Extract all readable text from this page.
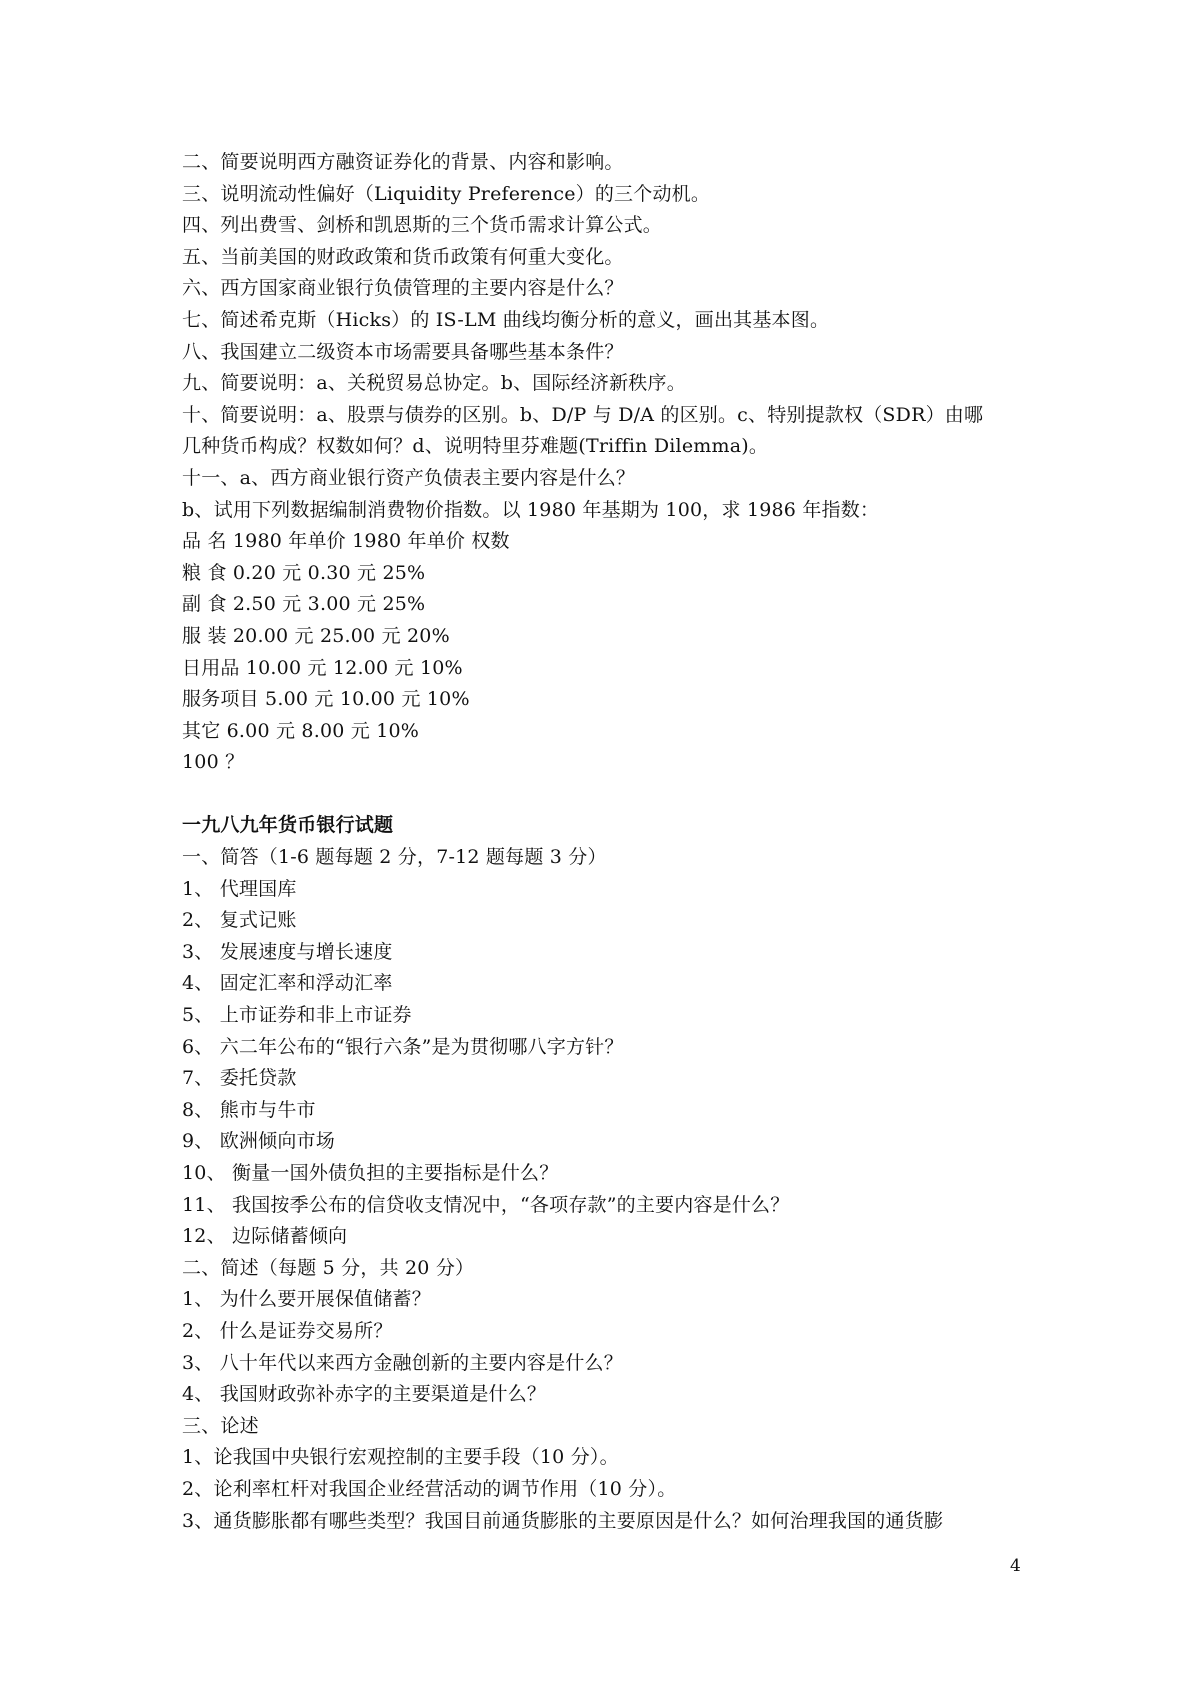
二、简要说明西方融资证券化的背景、内容和影响。
三、说明流动性偏好（Liquidity Preference）的三个动机。
四、列出费雪、剑桥和凯恩斯的三个货币需求计算公式。
五、当前美国的财政政策和货币政策有何重大变化。
六、西方国家商业银行负债管理的主要内容是什么？
七、简述希克斯（Hicks）的 IS-LM 曲线均衡分析的意义，画出其基本图。
八、我国建立二级资本市场需要具备哪些基本条件？
九、简要说明：a、关税贸易总协定。b、国际经济新秩序。
十、简要说明：a、股票与债券的区别。b、D/P 与 D/A 的区别。c、特别提款权（SDR）由哪
几种货币构成？权数如何？d、说明特里芬难题(Triffin Dilemma)。
十一、a、西方商业银行资产负债表主要内容是什么？
b、试用下列数据编制消费物价指数。以 1980 年基期为 100，求 1986 年指数：
品 名 1980 年单价 1980 年单价 权数
粮 食 0.20 元 0.30 元 25%
副 食 2.50 元 3.00 元 25%
服 装 20.00 元 25.00 元 20%
日用品 10.00 元 12.00 元 10%
服务项目 5.00 元 10.00 元 10%
其它 6.00 元 8.00 元 10%
100 ？
一九八九年货币银行试题
一、简答（1-6 题每题 2 分，7-12 题每题 3 分）
1、 代理国库
2、 复式记账
3、 发展速度与增长速度
4、 固定汇率和浮动汇率
5、 上市证券和非上市证券
6、 六二年公布的“银行六条”是为贯彻哪八字方针？
7、 委托贷款
8、 熊市与牛市
9、 欧洲倾向市场
10、 衡量一国外债负担的主要指标是什么？
11、 我国按季公布的信贷收支情况中，“各项存款”的主要内容是什么？
12、 边际储蓄倾向
二、简述（每题 5 分，共 20 分）
1、 为什么要开展保值储蓄？
2、 什么是证券交易所？
3、 八十年代以来西方金融创新的主要内容是什么？
4、 我国财政弥补赤字的主要渠道是什么？
三、论述
1、论我国中央银行宏观控制的主要手段（10 分）。
2、论利率杠杆对我国企业经营活动的调节作用（10 分）。
3、通货膨胀都有哪些类型？我国目前通货膨胀的主要原因是什么？如何治理我国的通货膨
4
